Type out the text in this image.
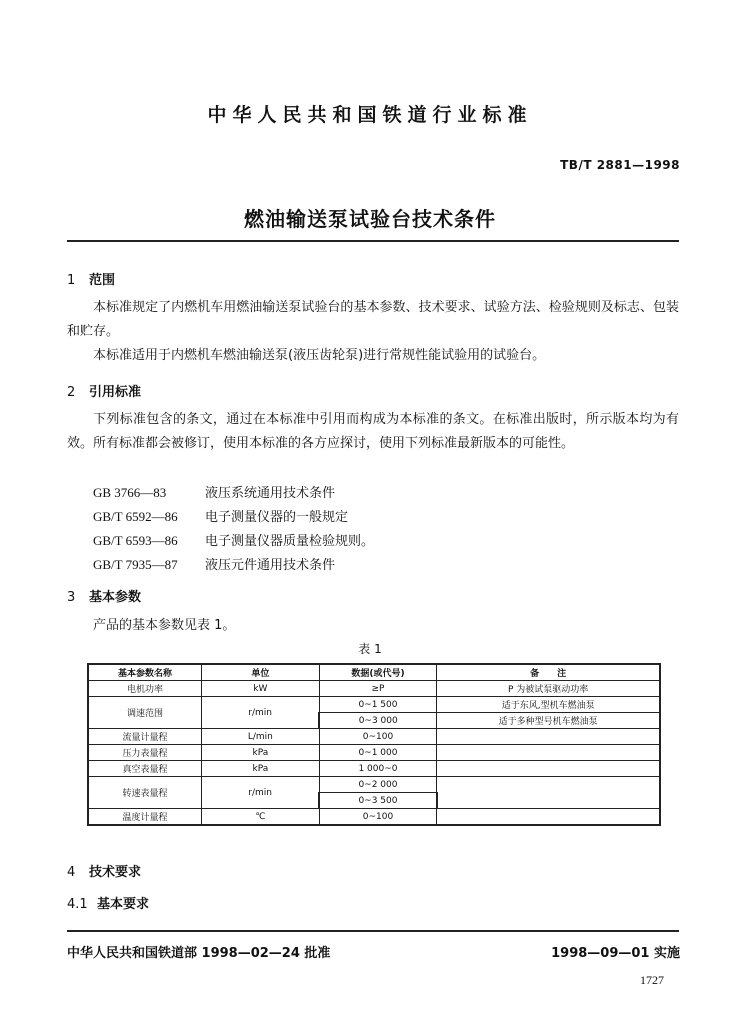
中华人民共和国铁道行业标准
TB/T 2881—1998
燃油输送泵试验台技术条件
1 范围
本标准规定了内燃机车用燃油输送泵试验台的基本参数、技术要求、试验方法、检验规则及标志、包装和贮存。
本标准适用于内燃机车燃油输送泵(液压齿轮泵)进行常规性能试验用的试验台。
2 引用标准
下列标准包含的条文，通过在本标准中引用而构成为本标准的条文。在标准出版时，所示版本均为有效。所有标准都会被修订，使用本标准的各方应探讨，使用下列标准最新版本的可能性。
GB 3766—83	液压系统通用技术条件
GB/T 6592—86 电子测量仪器的一般规定
GB/T 6593—86 电子测量仪器质量检验规则。
GB/T 7935—87 液压元件通用技术条件
3 基本参数
产品的基本参数见表 1。
表 1
基本参数名称	单位	数据(或代号)	备　　注
电机功率	kW	≥P	P 为被试泵驱动功率
调速范围	r/min	0~1 500	适于东风,型机车燃油泵
		0~3 000	适于多种型号机车燃油泵
流量计量程	L/min	0~100	
压力表量程	kPa	0~1 000	
真空表量程	kPa	1 000~0	
转速表量程	r/min	0~2 000	
		0~3 500	
温度计量程	℃	0~100	
4 技术要求
4.1 基本要求
中华人民共和国铁道部 1998—02—24 批准	1998—09—01 实施
1727
